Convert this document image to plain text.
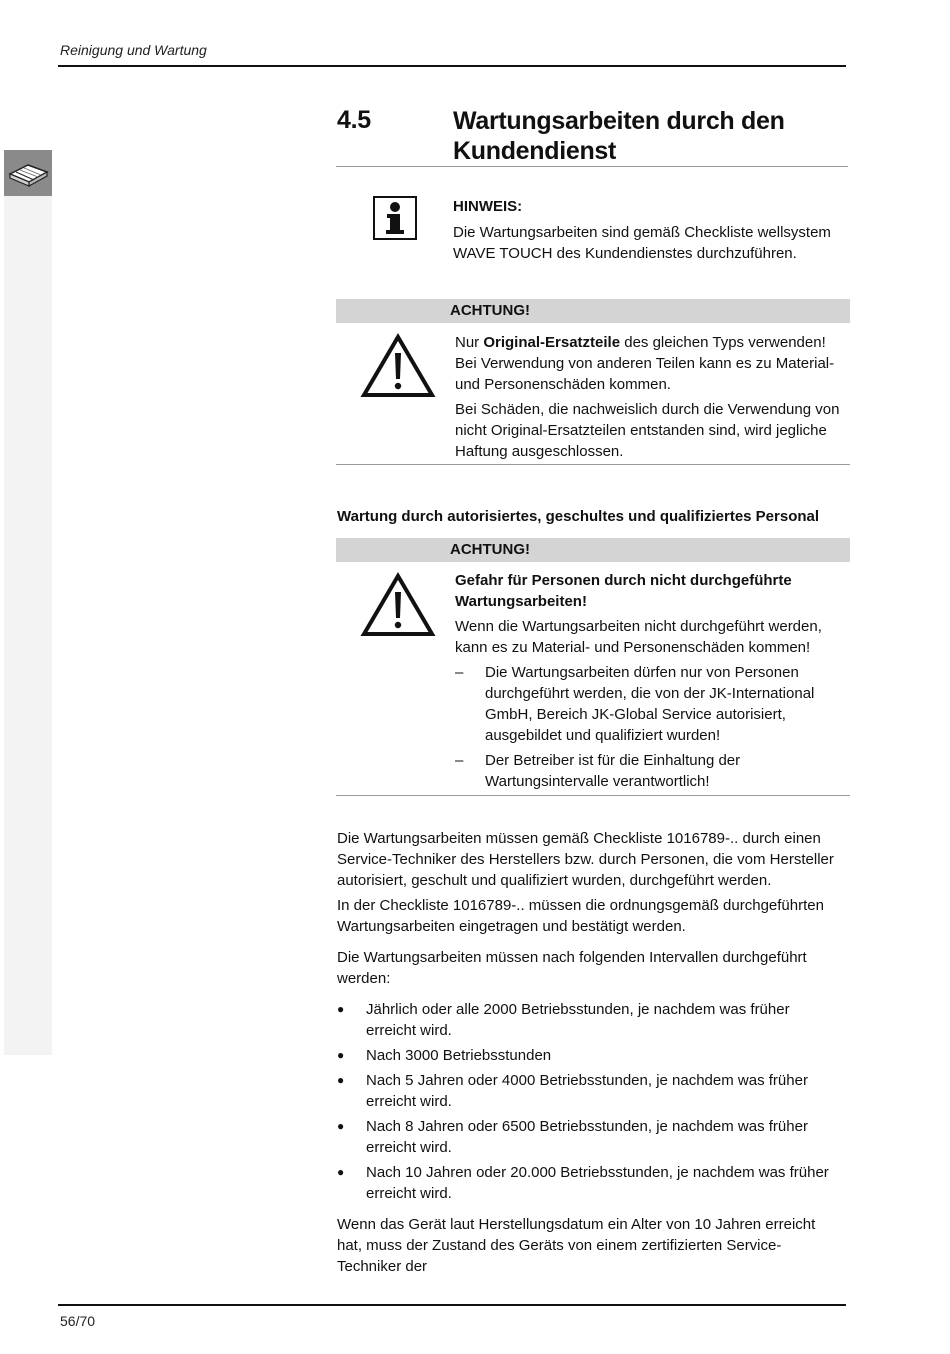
Reinigung und Wartung
4.5	Wartungsarbeiten durch den Kundendienst
HINWEIS:
Die Wartungsarbeiten sind gemäß Checkliste wellsystem WAVE TOUCH des Kundendienstes durchzuführen.
ACHTUNG!

Nur Original-Ersatzteile des gleichen Typs verwenden! Bei Verwendung von anderen Teilen kann es zu Material- und Personenschäden kommen.

Bei Schäden, die nachweislich durch die Verwendung von nicht Original-Ersatzteilen entstanden sind, wird jegliche Haftung ausgeschlossen.

Wartung durch autorisiertes, geschultes und qualifiziertes Personal
ACHTUNG!

Gefahr für Personen durch nicht durchgeführte Wartungsarbeiten!

Wenn die Wartungsarbeiten nicht durchgeführt werden, kann es zu Material- und Personenschäden kommen!

– Die Wartungsarbeiten dürfen nur von Personen durchgeführt werden, die von der JK-International GmbH, Bereich JK-Global Service autorisiert, ausgebildet und qualifiziert wurden!
– Der Betreiber ist für die Einhaltung der Wartungsintervalle verantwortlich!

Die Wartungsarbeiten müssen gemäß Checkliste 1016789-.. durch einen Service-Techniker des Herstellers bzw. durch Personen, die vom Hersteller autorisiert, geschult und qualifiziert wurden, durchgeführt werden.

In der Checkliste 1016789-.. müssen die ordnungsgemäß durchgeführten Wartungsarbeiten eingetragen und bestätigt werden.

Die Wartungsarbeiten müssen nach folgenden Intervallen durchgeführt werden:

● Jährlich oder alle 2000 Betriebsstunden, je nachdem was früher erreicht wird.
● Nach 3000 Betriebsstunden
● Nach 5 Jahren oder 4000 Betriebsstunden, je nachdem was früher erreicht wird.
● Nach 8 Jahren oder 6500 Betriebsstunden, je nachdem was früher erreicht wird.
● Nach 10 Jahren oder 20.000 Betriebsstunden, je nachdem was früher erreicht wird.

Wenn das Gerät laut Herstellungsdatum ein Alter von 10 Jahren erreicht hat, muss der Zustand des Geräts von einem zertifizierten Service-Techniker der

56/70
